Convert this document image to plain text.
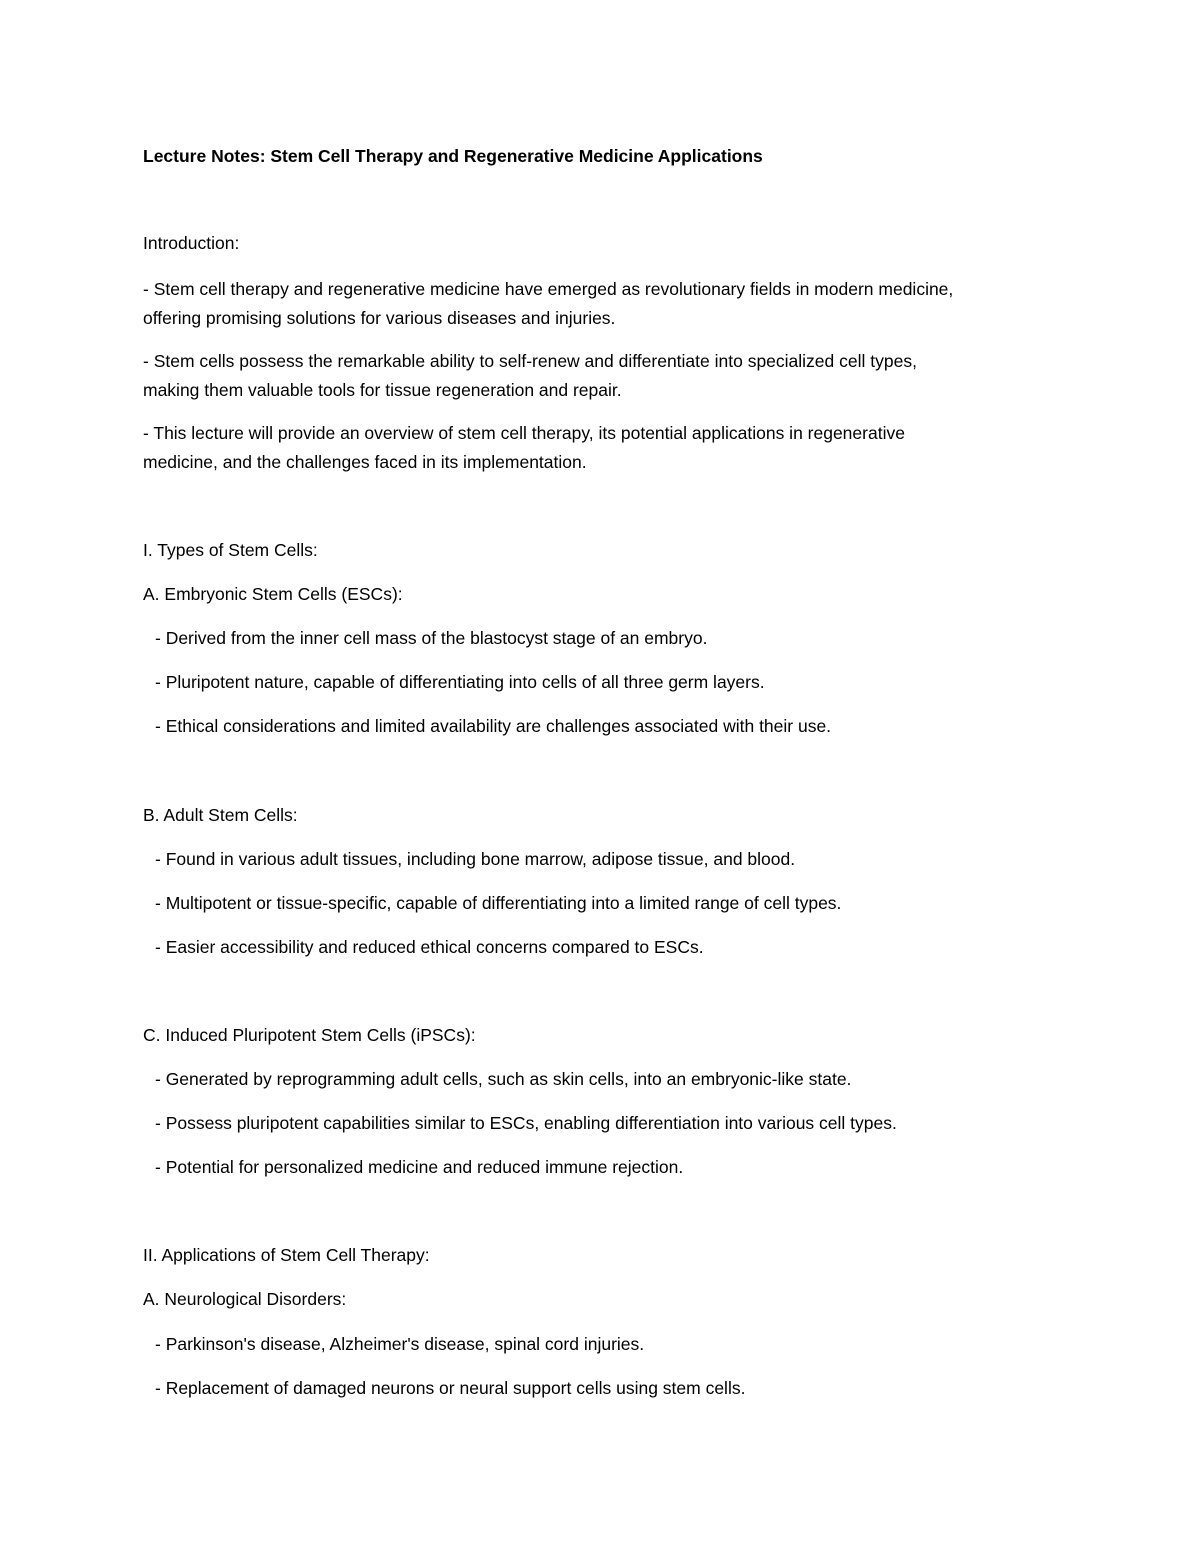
Lecture Notes: Stem Cell Therapy and Regenerative Medicine Applications

Introduction:

- Stem cell therapy and regenerative medicine have emerged as revolutionary fields in modern medicine,

offering promising solutions for various diseases and injuries.

- Stem cells possess the remarkable ability to self-renew and differentiate into specialized cell types,

making them valuable tools for tissue regeneration and repair.

- This lecture will provide an overview of stem cell therapy, its potential applications in regenerative

medicine, and the challenges faced in its implementation.

I. Types of Stem Cells:

A. Embryonic Stem Cells (ESCs):

- Derived from the inner cell mass of the blastocyst stage of an embryo.

- Pluripotent nature, capable of differentiating into cells of all three germ layers.

- Ethical considerations and limited availability are challenges associated with their use.

B. Adult Stem Cells:

- Found in various adult tissues, including bone marrow, adipose tissue, and blood.

- Multipotent or tissue-specific, capable of differentiating into a limited range of cell types.

- Easier accessibility and reduced ethical concerns compared to ESCs.

C. Induced Pluripotent Stem Cells (iPSCs):

- Generated by reprogramming adult cells, such as skin cells, into an embryonic-like state.

- Possess pluripotent capabilities similar to ESCs, enabling differentiation into various cell types.

- Potential for personalized medicine and reduced immune rejection.

II. Applications of Stem Cell Therapy:

A. Neurological Disorders:

- Parkinson's disease, Alzheimer's disease, spinal cord injuries.

- Replacement of damaged neurons or neural support cells using stem cells.
